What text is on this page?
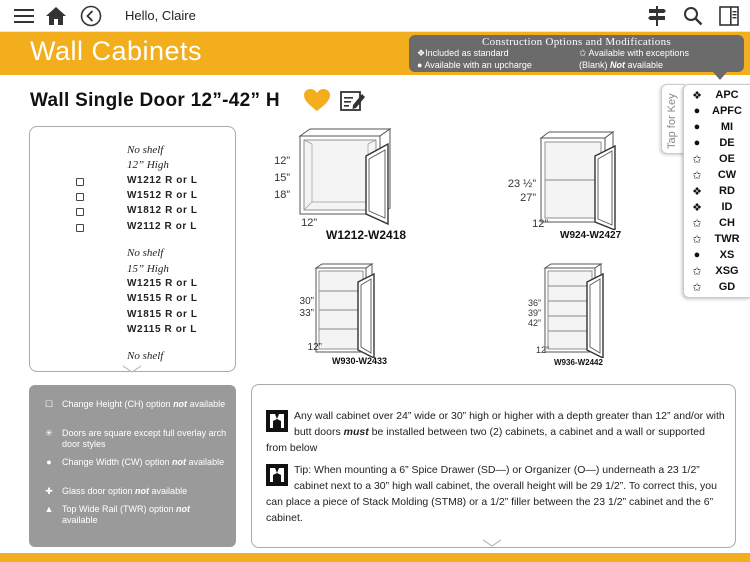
Hello, Claire
Wall Cabinets	Construction Options and Modifications
❖Included as standard
● Available with an upcharge
✩ Available with exceptions
(Blank) Not available
Wall Single Door 12”-42” H	Tap for Key ❖	APC
●	APFC
●	MI
●	DE
✩	OE
✩	CW
❖	RD
❖	ID
✩	CH
✩	TWR
●	XS
✩	XSG
✩	GD
No shelf
12” High
W1212 R or L
W1512 R or L
W1812 R or L
W2112 R or L
No shelf
15” High
W1215 R or L
W1515 R or L
W1815 R or L
W2115 R or L
No shelf
12”
15”
18”
12”
W1212-W2418
23 ½”
27”
12”
W924-W2427
30”
33”
12”
W930-W2433
36”
39”
42”
12”
W936-W2442
☐ Change Height (CH) option not available
✳ Doors are square except full overlay arch door styles
●	Change Width (CW) option not available
✚ Glass door option not available
▲ Top Wide Rail (TWR) option not available
Any wall cabinet over 24” wide or 30” high or higher with a depth greater than 12” and/or with butt doors must be installed between two (2) cabinets, a cabinet and a wall or supported from below
Tip: When mounting a 6” Spice Drawer (SD—) or Organizer (O—) underneath a 23 1/2” cabinet next to a 30” high wall cabinet, the overall height will be 29 1/2”. To correct this, you can place a piece of Stack Molding (STM8) or a 1/2” filler between the 23 1/2” cabinet and the 6” cabinet.
